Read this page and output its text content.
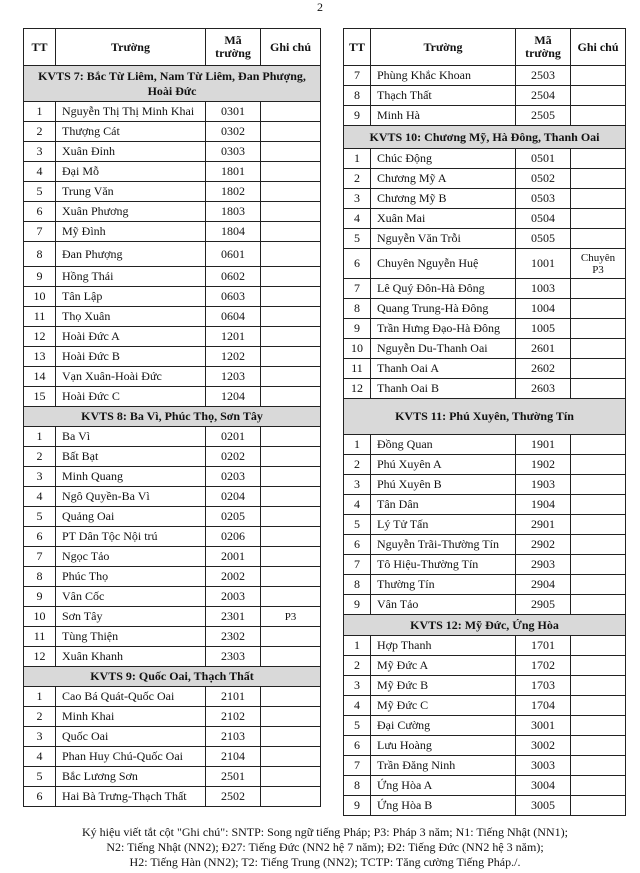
2
TT	Trường	Mã trường	Ghi chú
KVTS 7: Bắc Từ Liêm, Nam Từ Liêm, Đan Phượng, Hoài Đức			
1	Nguyễn Thị Thị Minh Khai	0301	
2	Thượng Cát	0302	
3	Xuân Đỉnh	0303	
4	Đại Mỗ	1801	
5	Trung Văn	1802	
6	Xuân Phương	1803	
7	Mỹ Đình	1804	
8	Đan Phượng	0601	
9	Hồng Thái	0602	
10	Tân Lập	0603	
11	Thọ Xuân	0604	
12	Hoài Đức A	1201	
13	Hoài Đức B	1202	
14	Vạn Xuân-Hoài Đức	1203	
15	Hoài Đức C	1204	
KVTS 8: Ba Vì, Phúc Thọ, Sơn Tây			
1	Ba Vì	0201	
2	Bất Bạt	0202	
3	Minh Quang	0203	
4	Ngô Quyền-Ba Vì	0204	
5	Quảng Oai	0205	
6	PT Dân Tộc Nội trú	0206	
7	Ngọc Tảo	2001	
8	Phúc Thọ	2002	
9	Vân Cốc	2003	
10	Sơn Tây	2301	P3
11	Tùng Thiện	2302	
12	Xuân Khanh	2303	
KVTS 9: Quốc Oai, Thạch Thất			
1	Cao Bá Quát-Quốc Oai	2101	
2	Minh Khai	2102	
3	Quốc Oai	2103	
4	Phan Huy Chú-Quốc Oai	2104	
5	Bắc Lương Sơn	2501	
6	Hai Bà Trưng-Thạch Thất	2502	
TT	Trường	Mã trường	Ghi chú
7	Phùng Khắc Khoan	2503	
8	Thạch Thất	2504	
9	Minh Hà	2505	
KVTS 10: Chương Mỹ, Hà Đông, Thanh Oai			
1	Chúc Động	0501	
2	Chương Mỹ A	0502	
3	Chương Mỹ B	0503	
4	Xuân Mai	0504	
5	Nguyễn Văn Trỗi	0505	
6	Chuyên Nguyễn Huệ	1001	Chuyên P3
7	Lê Quý Đôn-Hà Đông	1003	
8	Quang Trung-Hà Đông	1004	
9	Trần Hưng Đạo-Hà Đông	1005	
10	Nguyễn Du-Thanh Oai	2601	
11	Thanh Oai A	2602	
12	Thanh Oai B	2603	
KVTS 11: Phú Xuyên, Thường Tín			
1	Đồng Quan	1901	
2	Phú Xuyên A	1902	
3	Phú Xuyên B	1903	
4	Tân Dân	1904	
5	Lý Tử Tấn	2901	
6	Nguyễn Trãi-Thường Tín	2902	
7	Tô Hiệu-Thường Tín	2903	
8	Thường Tín	2904	
9	Vân Tảo	2905	
KVTS 12: Mỹ Đức, Ứng Hòa			
1	Hợp Thanh	1701	
2	Mỹ Đức A	1702	
3	Mỹ Đức B	1703	
4	Mỹ Đức C	1704	
5	Đại Cường	3001	
6	Lưu Hoàng	3002	
7	Trần Đăng Ninh	3003	
8	Ứng Hòa A	3004	
9	Ứng Hòa B	3005	
Ký hiệu viết tắt cột "Ghi chú": SNTP: Song ngữ tiếng Pháp; P3: Pháp 3 năm; N1: Tiếng Nhật (NN1);
N2: Tiếng Nhật (NN2); Đ27: Tiếng Đức (NN2 hệ 7 năm); Đ2: Tiếng Đức (NN2 hệ 3 năm);
H2: Tiếng Hàn (NN2); T2: Tiếng Trung (NN2); TCTP: Tăng cường Tiếng Pháp./.
